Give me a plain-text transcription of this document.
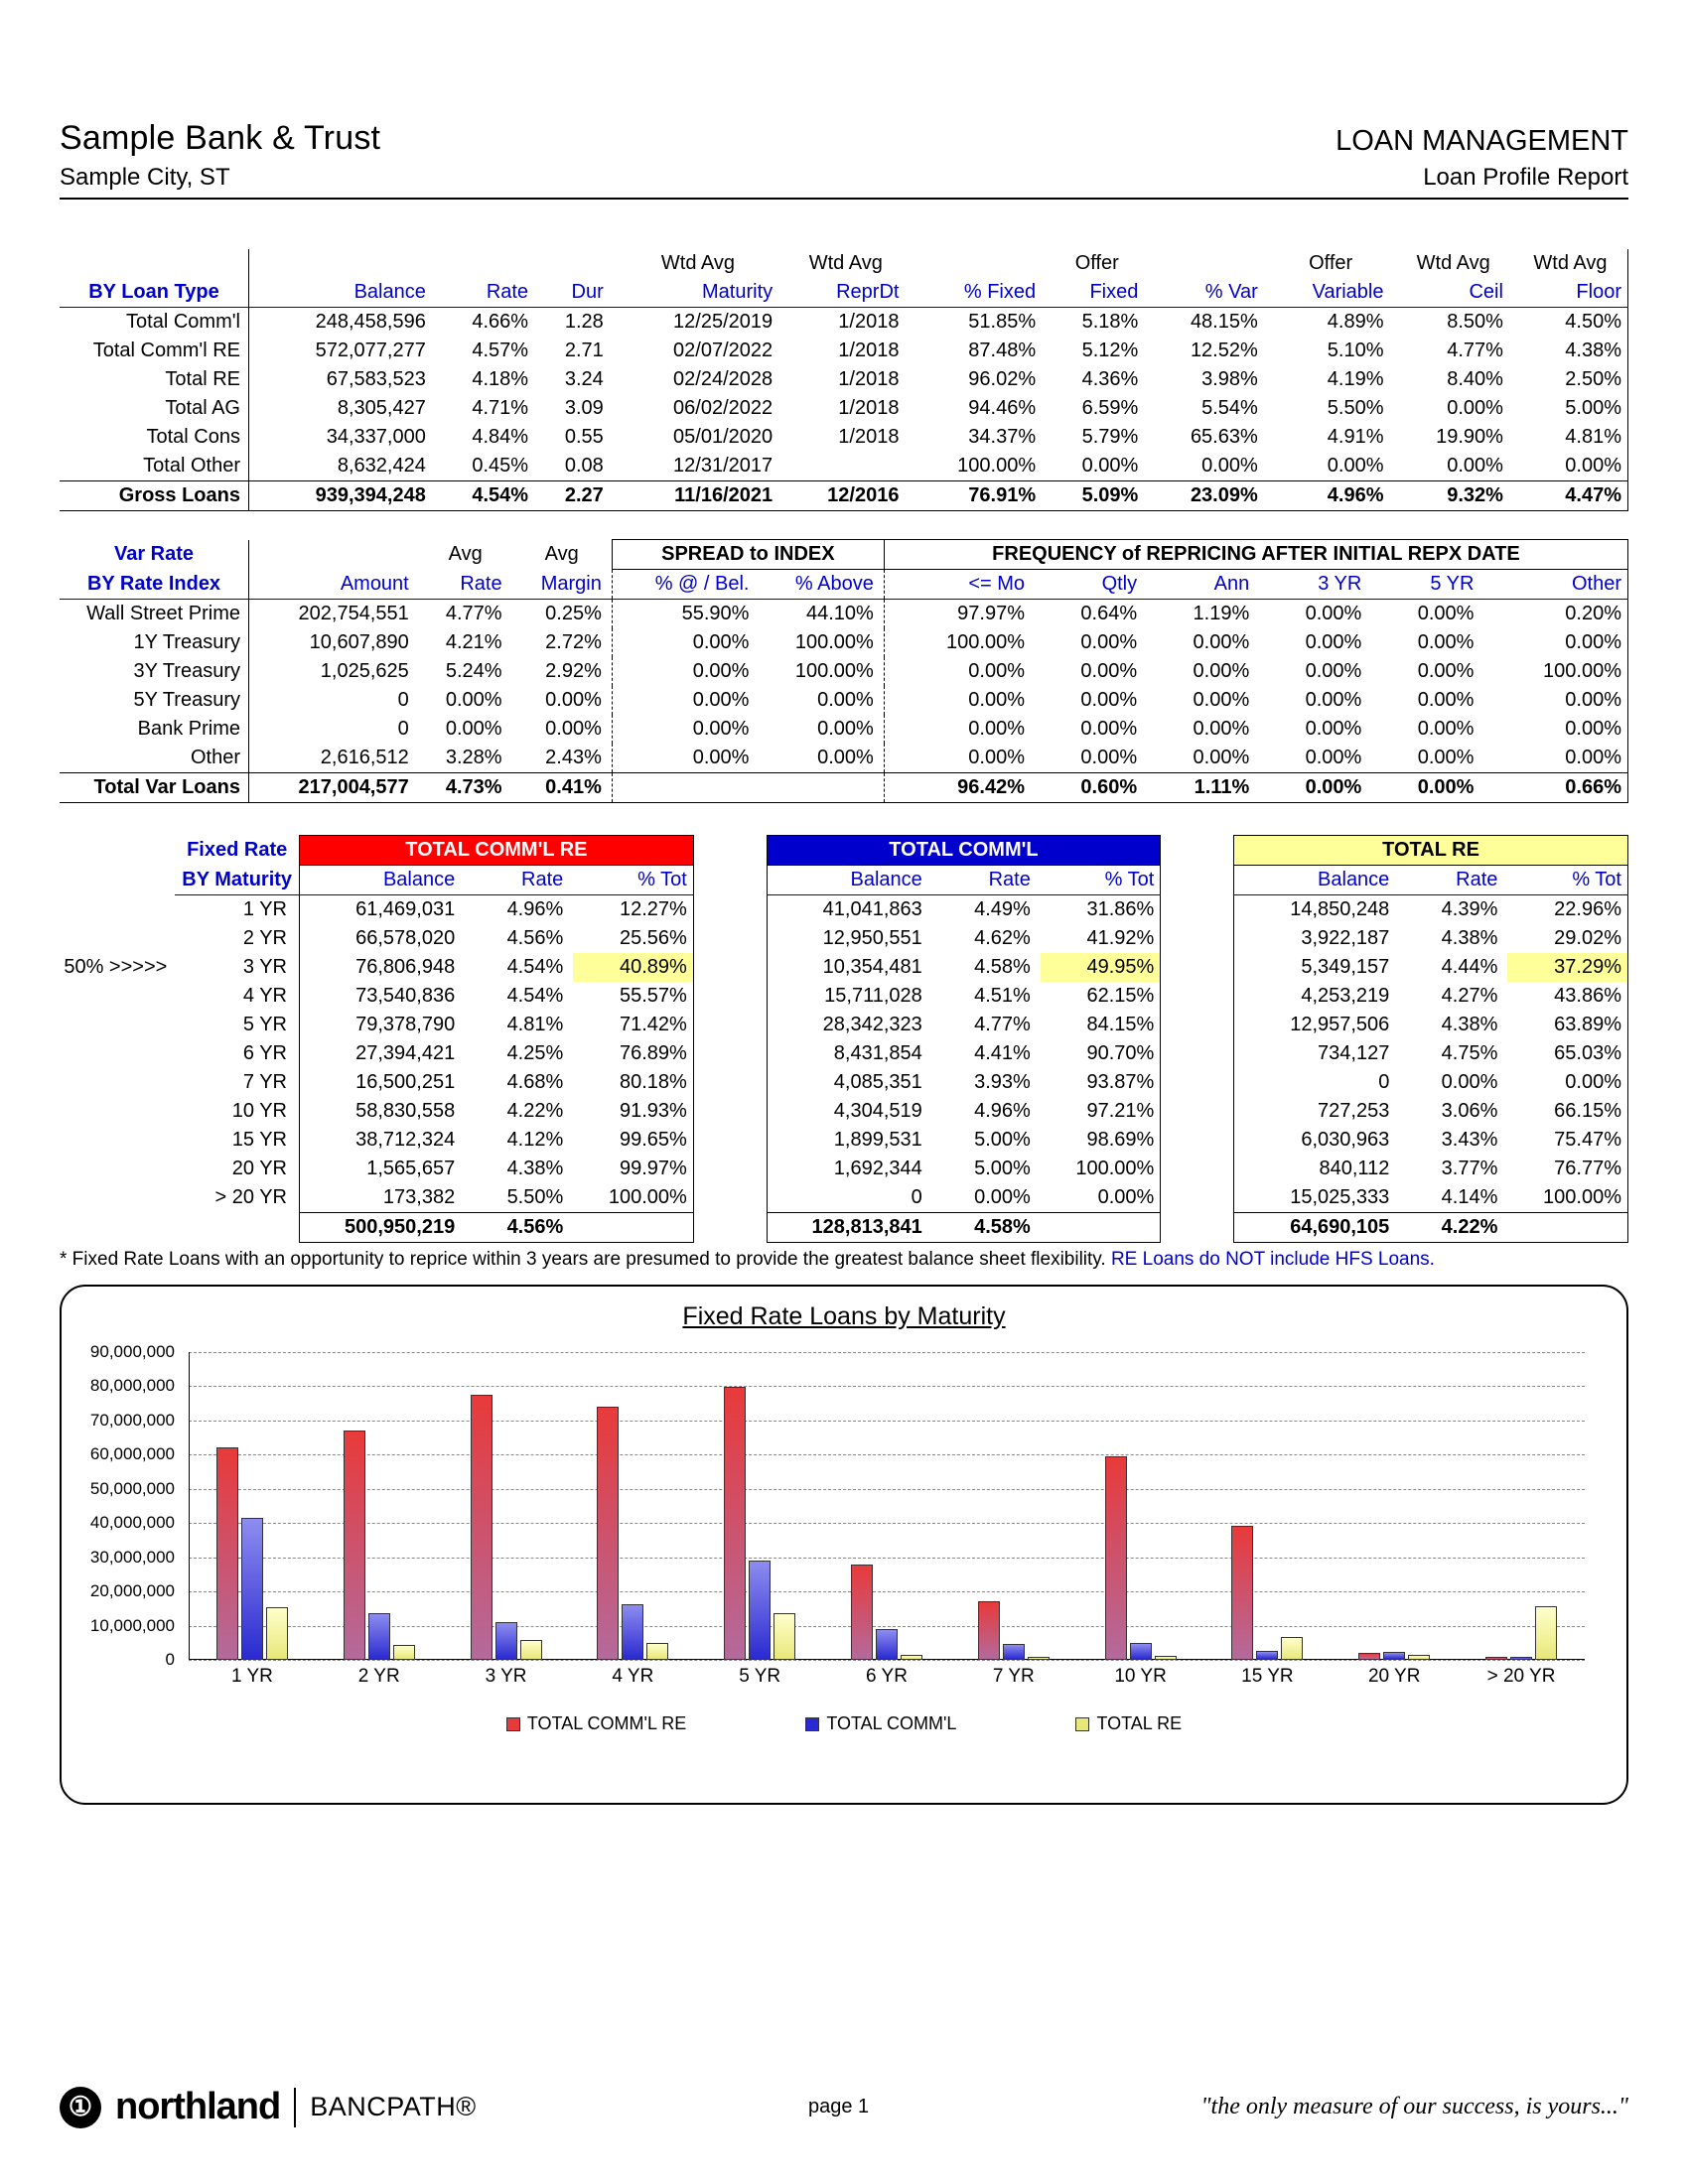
Sample Bank & Trust	LOAN MANAGEMENT
Sample City, ST	Loan Profile Report
				Wtd Avg	Wtd Avg		Offer		Offer	Wtd Avg	Wtd Avg
BY Loan Type	Balance	Rate	Dur	Maturity	ReprDt	% Fixed	Fixed	% Var	Variable	Ceil	Floor
Total Comm'l	248,458,596	4.66%	1.28	12/25/2019	1/2018	51.85%	5.18%	48.15%	4.89%	8.50%	4.50%
Total Comm'l RE	572,077,277	4.57%	2.71	02/07/2022	1/2018	87.48%	5.12%	12.52%	5.10%	4.77%	4.38%
Total RE	67,583,523	4.18%	3.24	02/24/2028	1/2018	96.02%	4.36%	3.98%	4.19%	8.40%	2.50%
Total AG	8,305,427	4.71%	3.09	06/02/2022	1/2018	94.46%	6.59%	5.54%	5.50%	0.00%	5.00%
Total Cons	34,337,000	4.84%	0.55	05/01/2020	1/2018	34.37%	5.79%	65.63%	4.91%	19.90%	4.81%
Total Other	8,632,424	0.45%	0.08	12/31/2017		100.00%	0.00%	0.00%	0.00%	0.00%	0.00%
Gross Loans	939,394,248	4.54%	2.27	11/16/2021	12/2016	76.91%	5.09%	23.09%	4.96%	9.32%	4.47%
Var Rate		Avg	Avg	SPREAD to INDEX		FREQUENCY of REPRICING AFTER INITIAL REPX DATE					
BY Rate Index	Amount	Rate	Margin	% @ / Bel.	% Above	<= Mo	Qtly	Ann	3 YR	5 YR	Other
Wall Street Prime	202,754,551	4.77%	0.25%	55.90%	44.10%	97.97%	0.64%	1.19%	0.00%	0.00%	0.20%
1Y Treasury	10,607,890	4.21%	2.72%	0.00%	100.00%	100.00%	0.00%	0.00%	0.00%	0.00%	0.00%
3Y Treasury	1,025,625	5.24%	2.92%	0.00%	100.00%	0.00%	0.00%	0.00%	0.00%	0.00%	100.00%
5Y Treasury	0	0.00%	0.00%	0.00%	0.00%	0.00%	0.00%	0.00%	0.00%	0.00%	0.00%
Bank Prime	0	0.00%	0.00%	0.00%	0.00%	0.00%	0.00%	0.00%	0.00%	0.00%	0.00%
Other	2,616,512	3.28%	2.43%	0.00%	0.00%	0.00%	0.00%	0.00%	0.00%	0.00%	0.00%
Total Var Loans	217,004,577	4.73%	0.41%			96.42%	0.60%	1.11%	0.00%	0.00%	0.66%
	Fixed Rate	TOTAL COMM'L RE				TOTAL COMM'L				TOTAL RE		
	BY Maturity	Balance	Rate	% Tot		Balance	Rate	% Tot		Balance	Rate	% Tot
	1 YR	61,469,031	4.96%	12.27%		41,041,863	4.49%	31.86%		14,850,248	4.39%	22.96%
	2 YR	66,578,020	4.56%	25.56%		12,950,551	4.62%	41.92%		3,922,187	4.38%	29.02%
50% >>>>>	3 YR	76,806,948	4.54%	40.89%		10,354,481	4.58%	49.95%		5,349,157	4.44%	37.29%
	4 YR	73,540,836	4.54%	55.57%		15,711,028	4.51%	62.15%		4,253,219	4.27%	43.86%
	5 YR	79,378,790	4.81%	71.42%		28,342,323	4.77%	84.15%		12,957,506	4.38%	63.89%
	6 YR	27,394,421	4.25%	76.89%		8,431,854	4.41%	90.70%		734,127	4.75%	65.03%
	7 YR	16,500,251	4.68%	80.18%		4,085,351	3.93%	93.87%		0	0.00%	0.00%
	10 YR	58,830,558	4.22%	91.93%		4,304,519	4.96%	97.21%		727,253	3.06%	66.15%
	15 YR	38,712,324	4.12%	99.65%		1,899,531	5.00%	98.69%		6,030,963	3.43%	75.47%
	20 YR	1,565,657	4.38%	99.97%		1,692,344	5.00%	100.00%		840,112	3.77%	76.77%
	> 20 YR	173,382	5.50%	100.00%		0	0.00%	0.00%		15,025,333	4.14%	100.00%
		500,950,219	4.56%			128,813,841	4.58%			64,690,105	4.22%	
* Fixed Rate Loans with an opportunity to reprice within 3 years are presumed to provide the greatest balance sheet flexibility. RE Loans do NOT include HFS Loans.
Fixed Rate Loans by Maturity
90,000,000
80,000,000
70,000,000
60,000,000
50,000,000
40,000,000
30,000,000
20,000,000
10,000,000
0
1 YR	2 YR	3 YR	4 YR	5 YR	6 YR	7 YR	10 YR	15 YR	20 YR	> 20 YR
TOTAL COMM'L RE	TOTAL COMM'L	TOTAL RE
① northland BANCPATH®	page 1	"the only measure of our success, is yours..."
